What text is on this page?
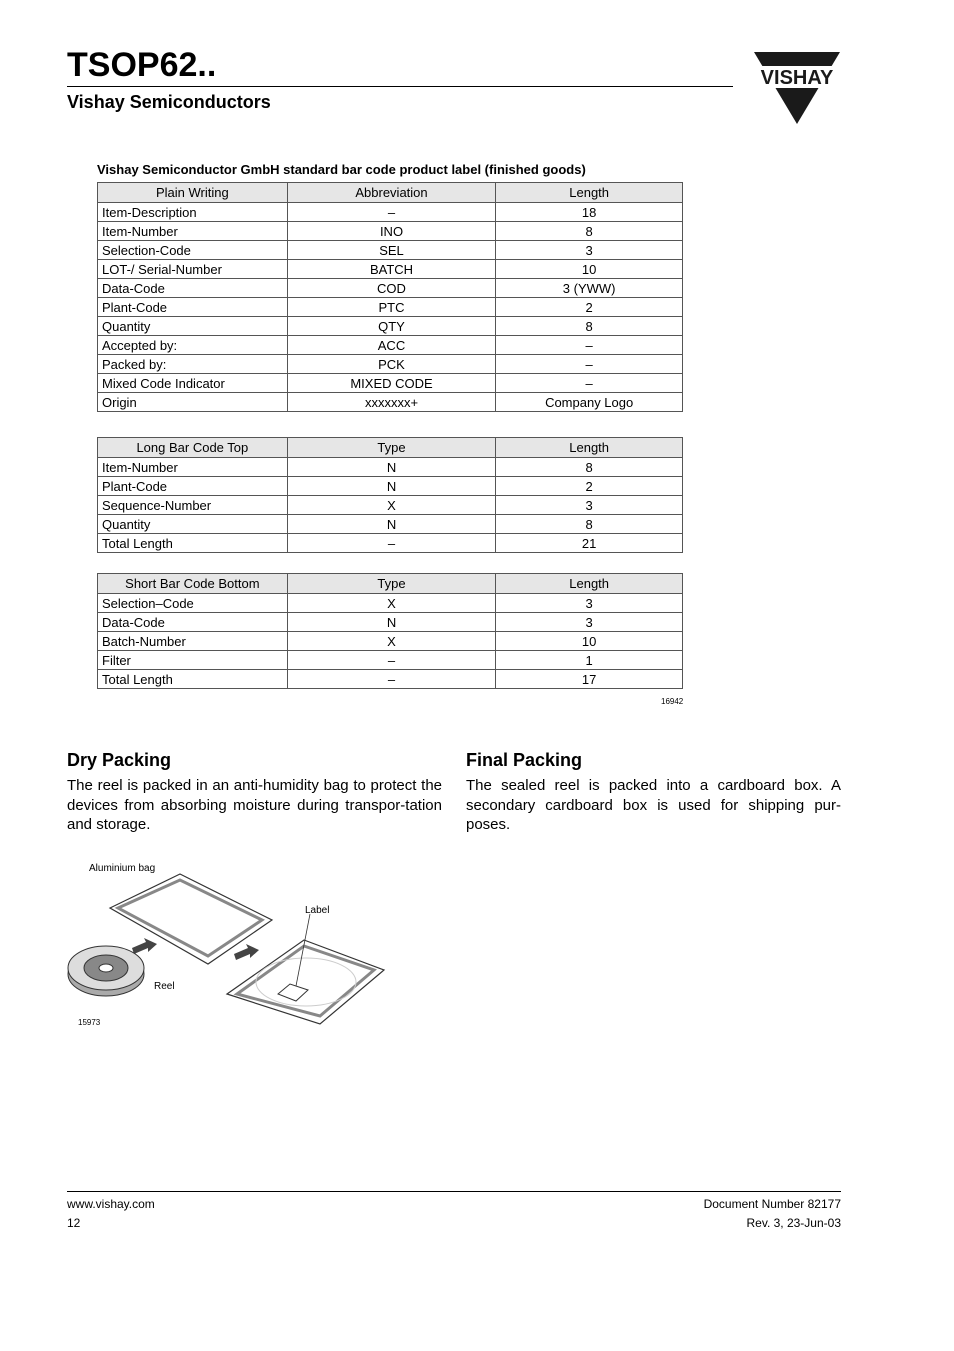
TSOP62..
Vishay Semiconductors
VISHAY
Vishay Semiconductor GmbH standard bar code product label (finished goods)
Plain Writing	Abbreviation	Length
Item-Description	–	18
Item-Number	INO	8
Selection-Code	SEL	3
LOT-/ Serial-Number	BATCH	10
Data-Code	COD	3 (YWW)
Plant-Code	PTC	2
Quantity	QTY	8
Accepted by:	ACC	–
Packed by:	PCK	–
Mixed Code Indicator	MIXED CODE	–
Origin	xxxxxxx+	Company Logo
Long Bar Code Top	Type	Length
Item-Number	N	8
Plant-Code	N	2
Sequence-Number	X	3
Quantity	N	8
Total Length	–	21
Short Bar Code Bottom	Type	Length
Selection–Code	X	3
Data-Code	N	3
Batch-Number	X	10
Filter	–	1
Total Length	–	17
16942
Dry Packing

The reel is packed in an anti-humidity bag to protect the devices from absorbing moisture during transpor-tation and storage.

Final Packing

The sealed reel is packed into a cardboard box. A secondary cardboard box is used for shipping pur-poses.

Aluminium bag
Label
Reel
15973
www.vishay.com
12
Document Number 82177
Rev. 3, 23-Jun-03
